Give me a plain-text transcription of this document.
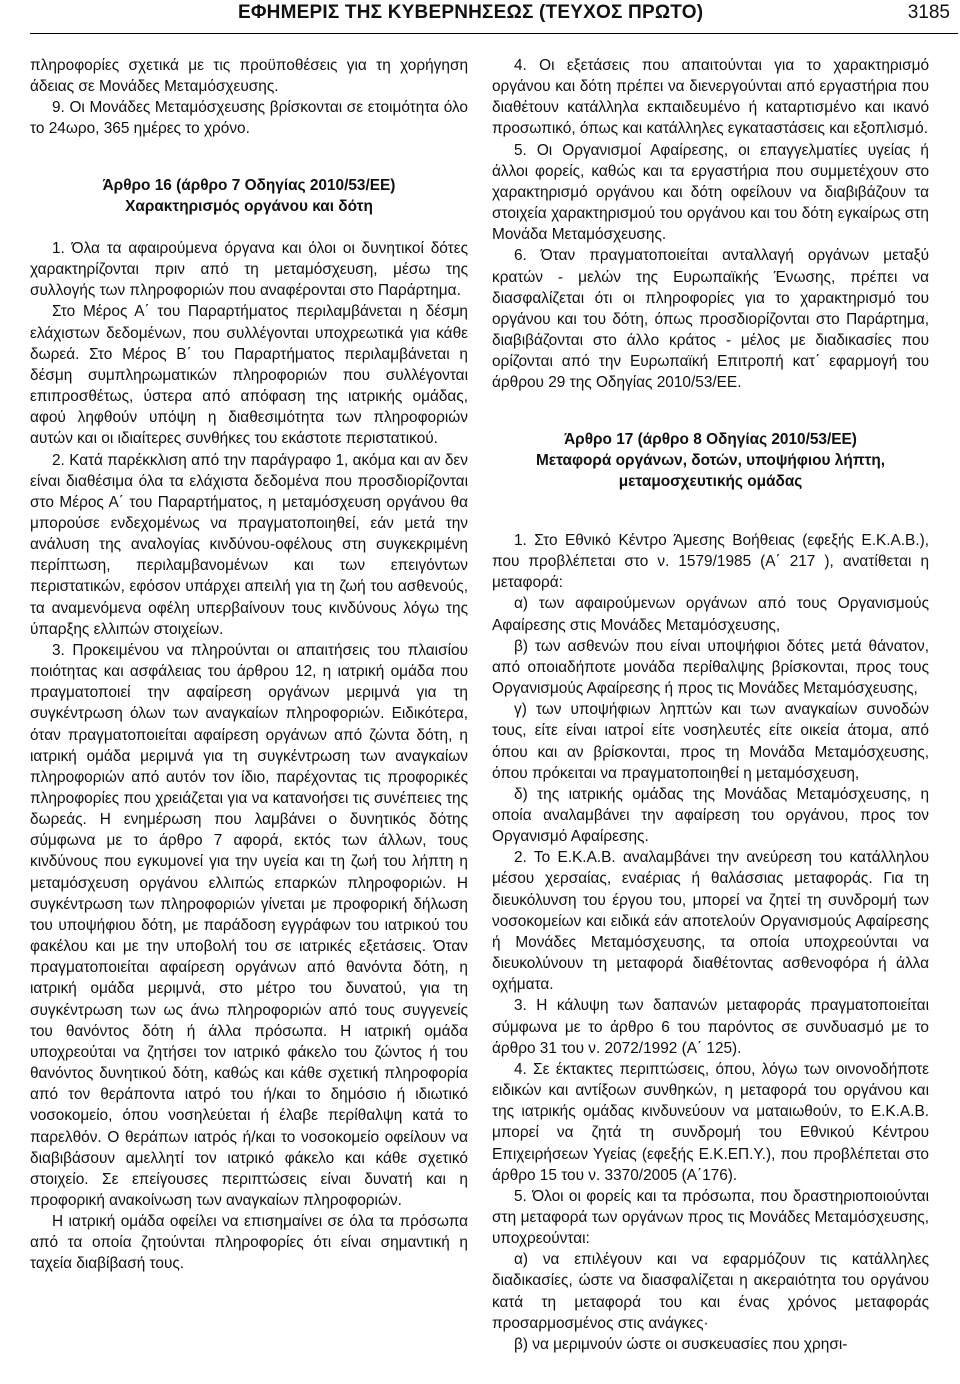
ΕΦΗΜΕΡΙΣ ΤΗΣ ΚΥΒΕΡΝΗΣΕΩΣ (ΤΕΥΧΟΣ ΠΡΩΤΟ)	3185

πληροφορίες σχετικά με τις προϋποθέσεις για τη χορήγηση άδειας σε Μονάδες Μεταμόσχευσης.

9. Οι Μονάδες Μεταμόσχευσης βρίσκονται σε ετοιμότητα όλο το 24ωρο, 365 ημέρες το χρόνο.

Άρθρο 16 (άρθρο 7 Οδηγίας 2010/53/ΕΕ)
Χαρακτηρισμός οργάνου και δότη

1. Όλα τα αφαιρούμενα όργανα και όλοι οι δυνητικοί δότες χαρακτηρίζονται πριν από τη μεταμόσχευση, μέσω της συλλογής των πληροφοριών που αναφέρονται στο Παράρτημα.

Στο Μέρος Α΄ του Παραρτήματος περιλαμβάνεται η δέσμη ελάχιστων δεδομένων, που συλλέγονται υποχρεωτικά για κάθε δωρεά. Στο Μέρος Β΄ του Παραρτήματος περιλαμβάνεται η δέσμη συμπληρωματικών πληροφοριών που συλλέγονται επιπροσθέτως, ύστερα από απόφαση της ιατρικής ομάδας, αφού ληφθούν υπόψη η διαθεσιμότητα των πληροφοριών αυτών και οι ιδιαίτερες συνθήκες του εκάστοτε περιστατικού.

2. Κατά παρέκκλιση από την παράγραφο 1, ακόμα και αν δεν είναι διαθέσιμα όλα τα ελάχιστα δεδομένα που προσδιορίζονται στο Μέρος Α΄ του Παραρτήματος, η μεταμόσχευση οργάνου θα μπορούσε ενδεχομένως να πραγματοποιηθεί, εάν μετά την ανάλυση της αναλογίας κινδύνου-οφέλους στη συγκεκριμένη περίπτωση, περιλαμβανομένων και των επειγόντων περιστατικών, εφόσον υπάρχει απειλή για τη ζωή του ασθενούς, τα αναμενόμενα οφέλη υπερβαίνουν τους κινδύνους λόγω της ύπαρξης ελλιπών στοιχείων.

3. Προκειμένου να πληρούνται οι απαιτήσεις του πλαισίου ποιότητας και ασφάλειας του άρθρου 12, η ιατρική ομάδα που πραγματοποιεί την αφαίρεση οργάνων μεριμνά για τη συγκέντρωση όλων των αναγκαίων πληροφοριών. Ειδικότερα, όταν πραγματοποιείται αφαίρεση οργάνων από ζώντα δότη, η ιατρική ομάδα μεριμνά για τη συγκέντρωση των αναγκαίων πληροφοριών από αυτόν τον ίδιο, παρέχοντας τις προφορικές πληροφορίες που χρειάζεται για να κατανοήσει τις συνέπειες της δωρεάς. Η ενημέρωση που λαμβάνει ο δυνητικός δότης σύμφωνα με το άρθρο 7 αφορά, εκτός των άλλων, τους κινδύνους που εγκυμονεί για την υγεία και τη ζωή του λήπτη η μεταμόσχευση οργάνου ελλιπώς επαρκών πληροφοριών. Η συγκέντρωση των πληροφοριών γίνεται με προφορική δήλωση του υποψήφιου δότη, με παράδοση εγγράφων του ιατρικού του φακέλου και με την υποβολή του σε ιατρικές εξετάσεις. Όταν πραγματοποιείται αφαίρεση οργάνων από θανόντα δότη, η ιατρική ομάδα μεριμνά, στο μέτρο του δυνατού, για τη συγκέντρωση των ως άνω πληροφοριών από τους συγγενείς του θανόντος δότη ή άλλα πρόσωπα. Η ιατρική ομάδα υποχρεούται να ζητήσει τον ιατρικό φάκελο του ζώντος ή του θανόντος δυνητικού δότη, καθώς και κάθε σχετική πληροφορία από τον θεράποντα ιατρό του ή/και το δημόσιο ή ιδιωτικό νοσοκομείο, όπου νοσηλεύεται ή έλαβε περίθαλψη κατά το παρελθόν. Ο θεράπων ιατρός ή/και το νοσοκομείο οφείλουν να διαβιβάσουν αμελλητί τον ιατρικό φάκελο και κάθε σχετικό στοιχείο. Σε επείγουσες περιπτώσεις είναι δυνατή και η προφορική ανακοίνωση των αναγκαίων πληροφοριών.

Η ιατρική ομάδα οφείλει να επισημαίνει σε όλα τα πρόσωπα από τα οποία ζητούνται πληροφορίες ότι είναι σημαντική η ταχεία διαβίβασή τους.

4. Οι εξετάσεις που απαιτούνται για το χαρακτηρισμό οργάνου και δότη πρέπει να διενεργούνται από εργαστήρια που διαθέτουν κατάλληλα εκπαιδευμένο ή καταρτισμένο και ικανό προσωπικό, όπως και κατάλληλες εγκαταστάσεις και εξοπλισμό.

5. Οι Οργανισμοί Αφαίρεσης, οι επαγγελματίες υγείας ή άλλοι φορείς, καθώς και τα εργαστήρια που συμμετέχουν στο χαρακτηρισμό οργάνου και δότη οφείλουν να διαβιβάζουν τα στοιχεία χαρακτηρισμού του οργάνου και του δότη εγκαίρως στη Μονάδα Μεταμόσχευσης.

6. Όταν πραγματοποιείται ανταλλαγή οργάνων μεταξύ κρατών - μελών της Ευρωπαϊκής Ένωσης, πρέπει να διασφαλίζεται ότι οι πληροφορίες για το χαρακτηρισμό του οργάνου και του δότη, όπως προσδιορίζονται στο Παράρτημα, διαβιβάζονται στο άλλο κράτος - μέλος με διαδικασίες που ορίζονται από την Ευρωπαϊκή Επιτροπή κατ΄ εφαρμογή του άρθρου 29 της Οδηγίας 2010/53/ΕΕ.

Άρθρο 17 (άρθρο 8 Οδηγίας 2010/53/ΕΕ)
Μεταφορά οργάνων, δοτών, υποψήφιου λήπτη, μεταμοσχευτικής ομάδας

1. Στο Εθνικό Κέντρο Άμεσης Βοήθειας (εφεξής Ε.Κ.Α.Β.), που προβλέπεται στο ν. 1579/1985 (Α΄ 217 ), ανατίθεται η μεταφορά:

α) των αφαιρούμενων οργάνων από τους Οργανισμούς Αφαίρεσης στις Μονάδες Μεταμόσχευσης,

β) των ασθενών που είναι υποψήφιοι δότες μετά θάνατον, από οποιαδήποτε μονάδα περίθαλψης βρίσκονται, προς τους Οργανισμούς Αφαίρεσης ή προς τις Μονάδες Μεταμόσχευσης,

γ) των υποψήφιων ληπτών και των αναγκαίων συνοδών τους, είτε είναι ιατροί είτε νοσηλευτές είτε οικεία άτομα, από όπου και αν βρίσκονται, προς τη Μονάδα Μεταμόσχευσης, όπου πρόκειται να πραγματοποιηθεί η μεταμόσχευση,

δ) της ιατρικής ομάδας της Μονάδας Μεταμόσχευσης, η οποία αναλαμβάνει την αφαίρεση του οργάνου, προς τον Οργανισμό Αφαίρεσης.

2. Το Ε.Κ.Α.Β. αναλαμβάνει την ανεύρεση του κατάλληλου μέσου χερσαίας, εναέριας ή θαλάσσιας μεταφοράς. Για τη διευκόλυνση του έργου του, μπορεί να ζητεί τη συνδρομή των νοσοκομείων και ειδικά εάν αποτελούν Οργανισμούς Αφαίρεσης ή Μονάδες Μεταμόσχευσης, τα οποία υποχρεούνται να διευκολύνουν τη μεταφορά διαθέτοντας ασθενοφόρα ή άλλα οχήματα.

3. Η κάλυψη των δαπανών μεταφοράς πραγματοποιείται σύμφωνα με το άρθρο 6 του παρόντος σε συνδυασμό με το άρθρο 31 του ν. 2072/1992 (Α΄ 125).

4. Σε έκτακτες περιπτώσεις, όπου, λόγω των οινονοδήποτε ειδικών και αντίξοων συνθηκών, η μεταφορά του οργάνου και της ιατρικής ομάδας κινδυνεύουν να ματαιωθούν, το Ε.Κ.Α.Β. μπορεί να ζητά τη συνδρομή του Εθνικού Κέντρου Επιχειρήσεων Υγείας (εφεξής Ε.Κ.ΕΠ.Υ.), που προβλέπεται στο άρθρο 15 του ν. 3370/2005 (Α΄176).

5. Όλοι οι φορείς και τα πρόσωπα, που δραστηριοποιούνται στη μεταφορά των οργάνων προς τις Μονάδες Μεταμόσχευσης, υποχρεούνται:

α) να επιλέγουν και να εφαρμόζουν τις κατάλληλες διαδικασίες, ώστε να διασφαλίζεται η ακεραιότητα του οργάνου κατά τη μεταφορά του και ένας χρόνος μεταφοράς προσαρμοσμένος στις ανάγκες·

β) να μεριμνούν ώστε οι συσκευασίες που χρησι-
